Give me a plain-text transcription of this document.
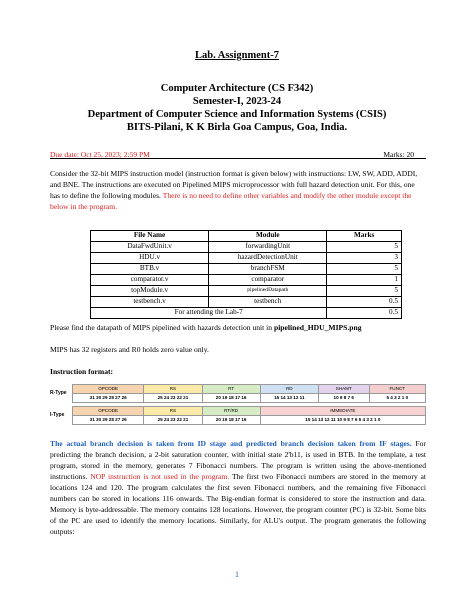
Lab. Assignment-7
Computer Architecture (CS F342)
Semester-I, 2023-24
Department of Computer Science and Information Systems (CSIS)
BITS-Pilani, K K Birla Goa Campus, Goa, India.
Due date: Oct 25, 2023; 2:59 PM	Marks: 20
Consider the 32-bit MIPS instruction model (instruction format is given below) with instructions: LW, SW, ADD, ADDI, and BNE. The instructions are executed on Pipelined MIPS microprocessor with full hazard detection unit. For this, one has to define the following modules. There is no need to define other variables and modify the other module except the below in the program.
File Name	Module	Marks
DataFwdUnit.v	forwardingUnit	5
HDU.v	hazardDetectionUnit	3
BTB.v	branchFSM	5
comparator.v	comparator	1
topModule.v	pipelinedDatapath	5
testbench.v	testbench	0.5
For attending the Lab-7		0.5
Please find the datapath of MIPS pipelined with hazards detection unit in pipelined_HDU_MIPS.png
MIPS has 32 registers and R0 holds zero value only.
Instruction format:
R-Type	OPCODE	RS	RT	RD	SHAMT	FUNCT
	31 30 29 28 27 26	25 24 23 22 21	20 19 18 17 16	15 14 13 12 11	10 9 8 7 6	5 4 3 2 1 0
I-Type	OPCODE	RS	RT/RD	IMMEDIATE
	31 30 29 28 27 26	25 24 23 22 21	20 19 18 17 16	15 14 13 12 11 10 9 8 7 6 5 4 3 2 1 0
The actual branch decision is taken from ID stage and predicted branch decision taken from IF stages. For predicting the branch decision, a 2-bit saturation counter, with initial state 2'b11, is used in BTB. In the template, a test program, stored in the memory, generates 7 Fibonacci numbers. The program is written using the above-mentioned instructions. NOP instruction is not used in the program. The first two Fibonacci numbers are stored in the memory at locations 124 and 120. The program calculates the first seven Fibonacci numbers, and the remaining five Fibonacci numbers can be stored in locations 116 onwards. The Big-endian format is considered to store the instruction and data. Memory is byte-addressable. The memory contains 128 locations. However, the program counter (PC) is 32-bit. Some bits of the PC are used to identify the memory locations. Similarly, for ALU's output. The program generates the following outputs:
1
